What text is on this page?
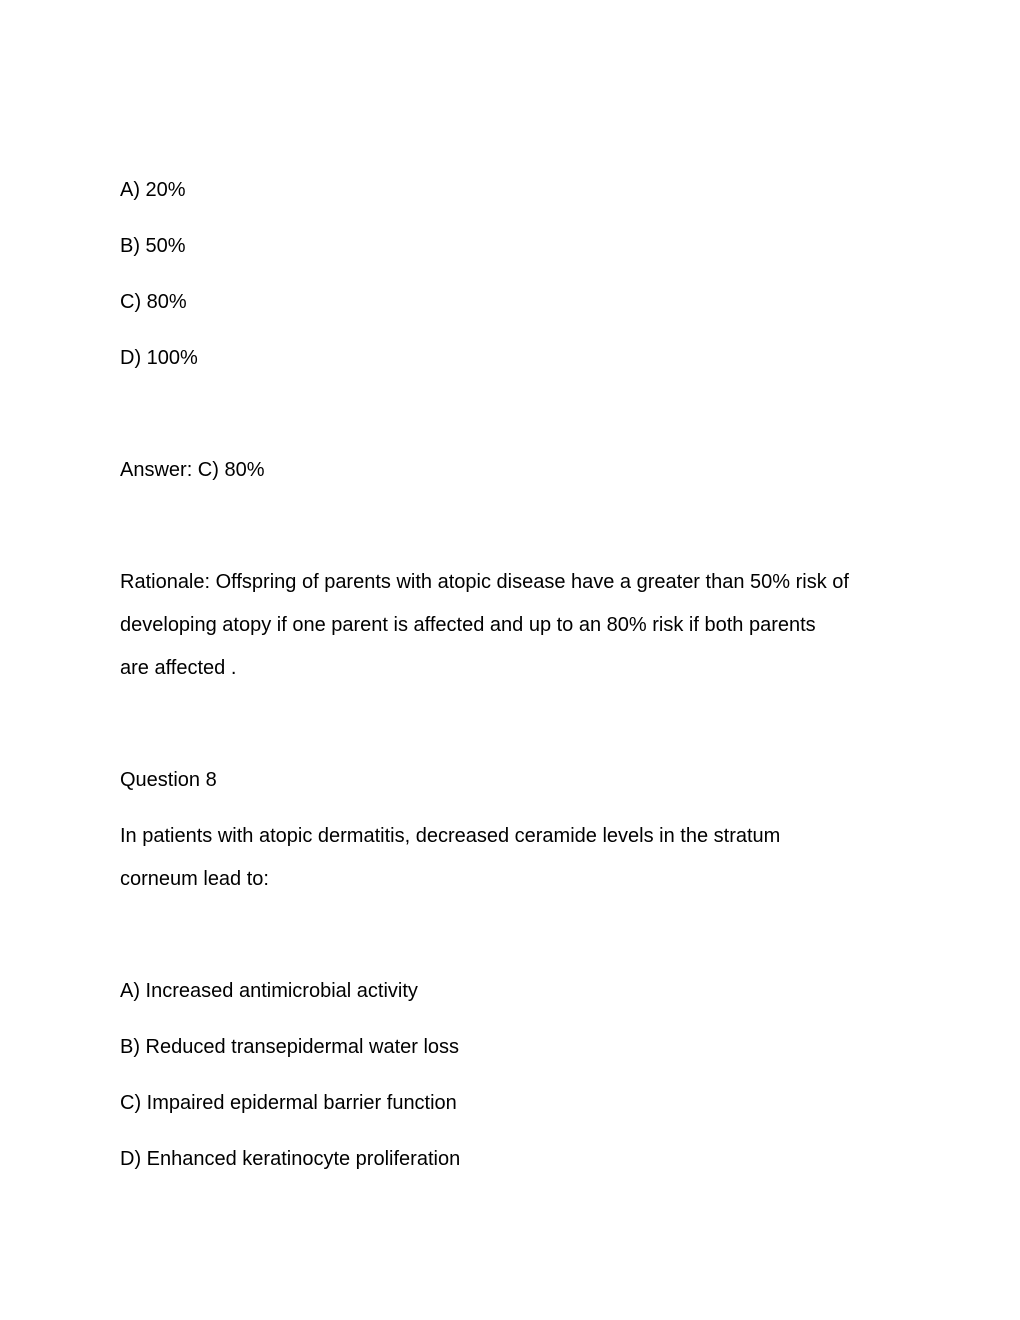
A) 20%
B) 50%
C) 80%
D) 100%
Answer: C) 80%
Rationale: Offspring of parents with atopic disease have a greater than 50% risk of
developing atopy if one parent is affected and up to an 80% risk if both parents
are affected .
Question 8
In patients with atopic dermatitis, decreased ceramide levels in the stratum
corneum lead to:
A) Increased antimicrobial activity
B) Reduced transepidermal water loss
C) Impaired epidermal barrier function
D) Enhanced keratinocyte proliferation
